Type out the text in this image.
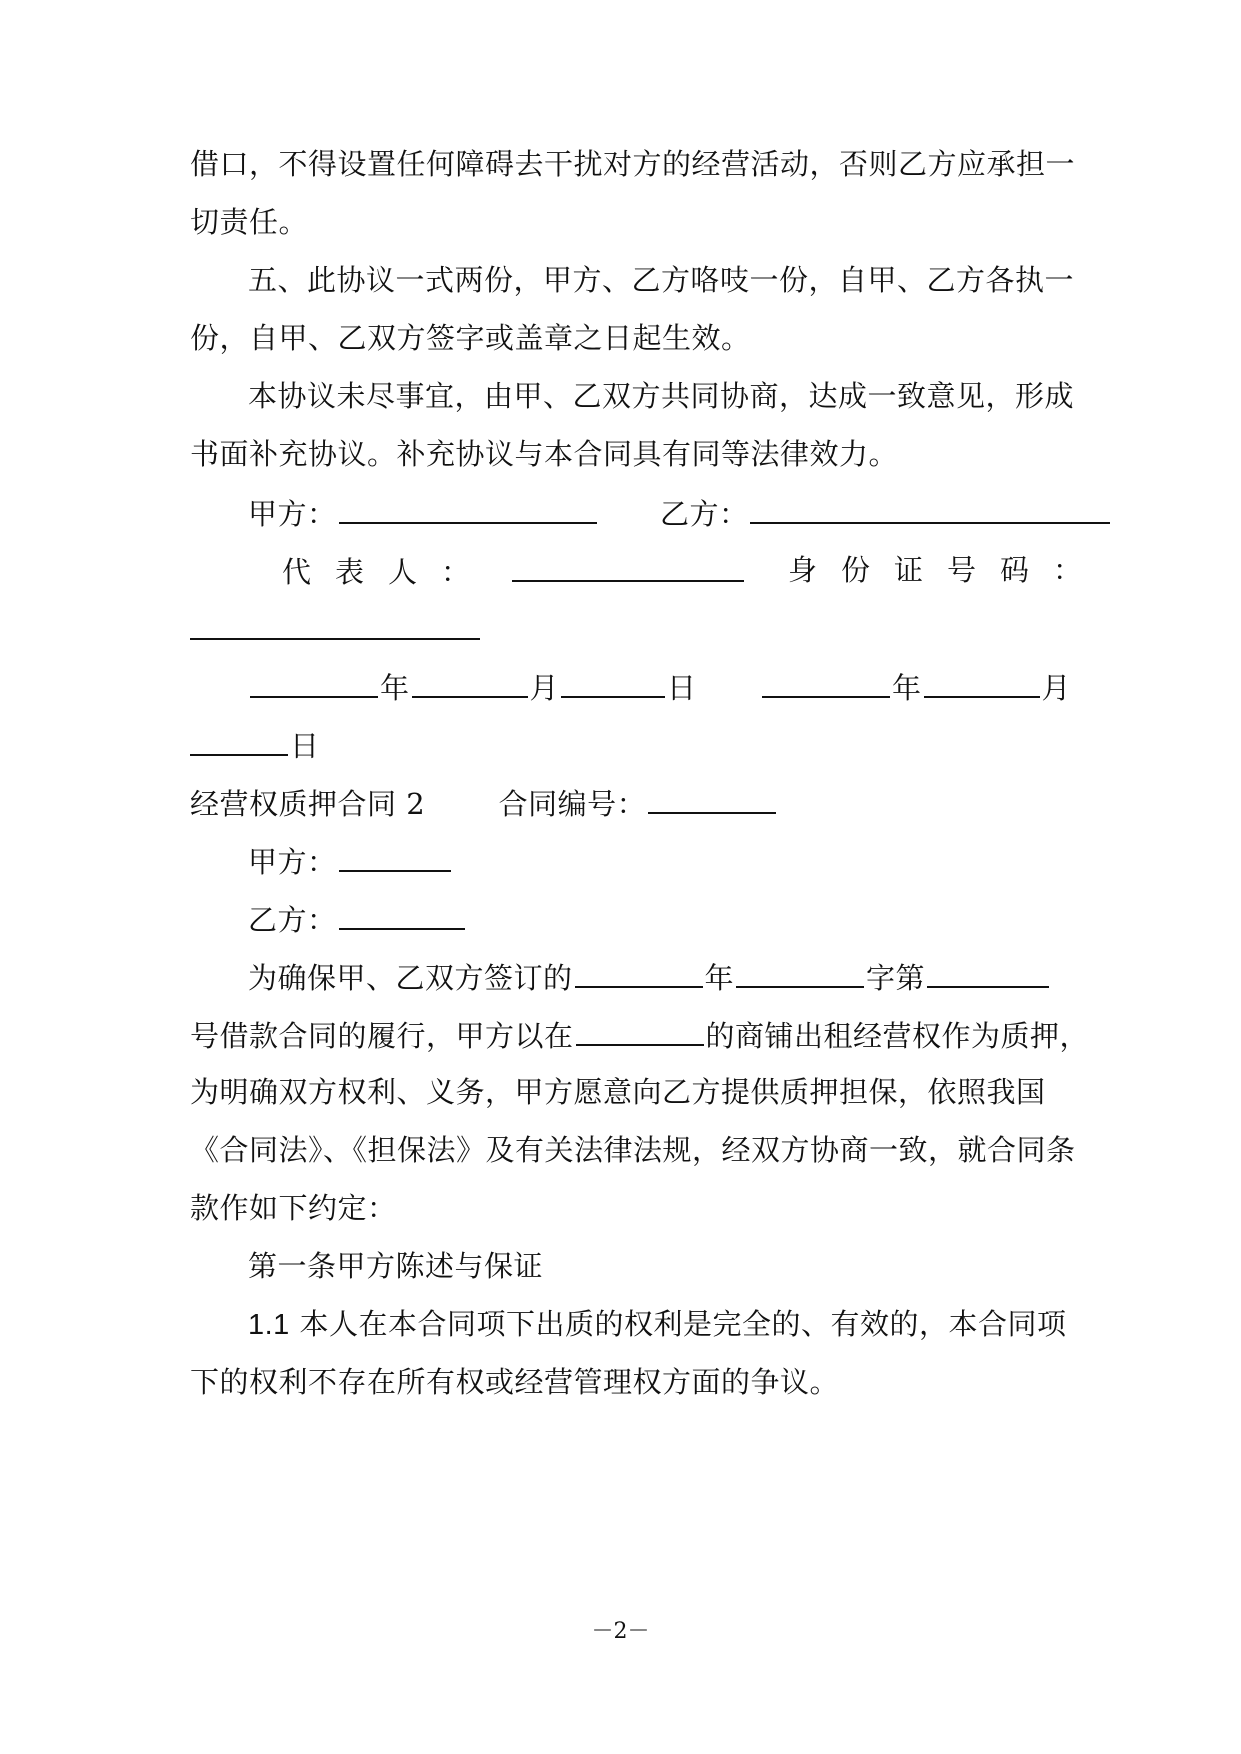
借口，不得设置任何障碍去干扰对方的经营活动，否则乙方应承担一
切责任。
五、此协议一式两份，甲方、乙方咯吱一份，自甲、乙方各执一
份，自甲、乙双方签字或盖章之日起生效。
本协议未尽事宜，由甲、乙双方共同协商，达成一致意见，形成
书面补充协议。补充协议与本合同具有同等法律效力。
甲方：	乙方：
代表人：	身份证号码：
年	月	日	年	月
日
经营权质押合同 2	合同编号：
甲方：
乙方：
为确保甲、乙双方签订的	年	字第
号借款合同的履行，甲方以在	的商铺出租经营权作为质押，
为明确双方权利、义务，甲方愿意向乙方提供质押担保，依照我国
《合同法》、《担保法》及有关法律法规，经双方协商一致，就合同条
款作如下约定：
第一条甲方陈述与保证
1.1 本人在本合同项下出质的权利是完全的、有效的，本合同项
下的权利不存在所有权或经营管理权方面的争议。
－2－
